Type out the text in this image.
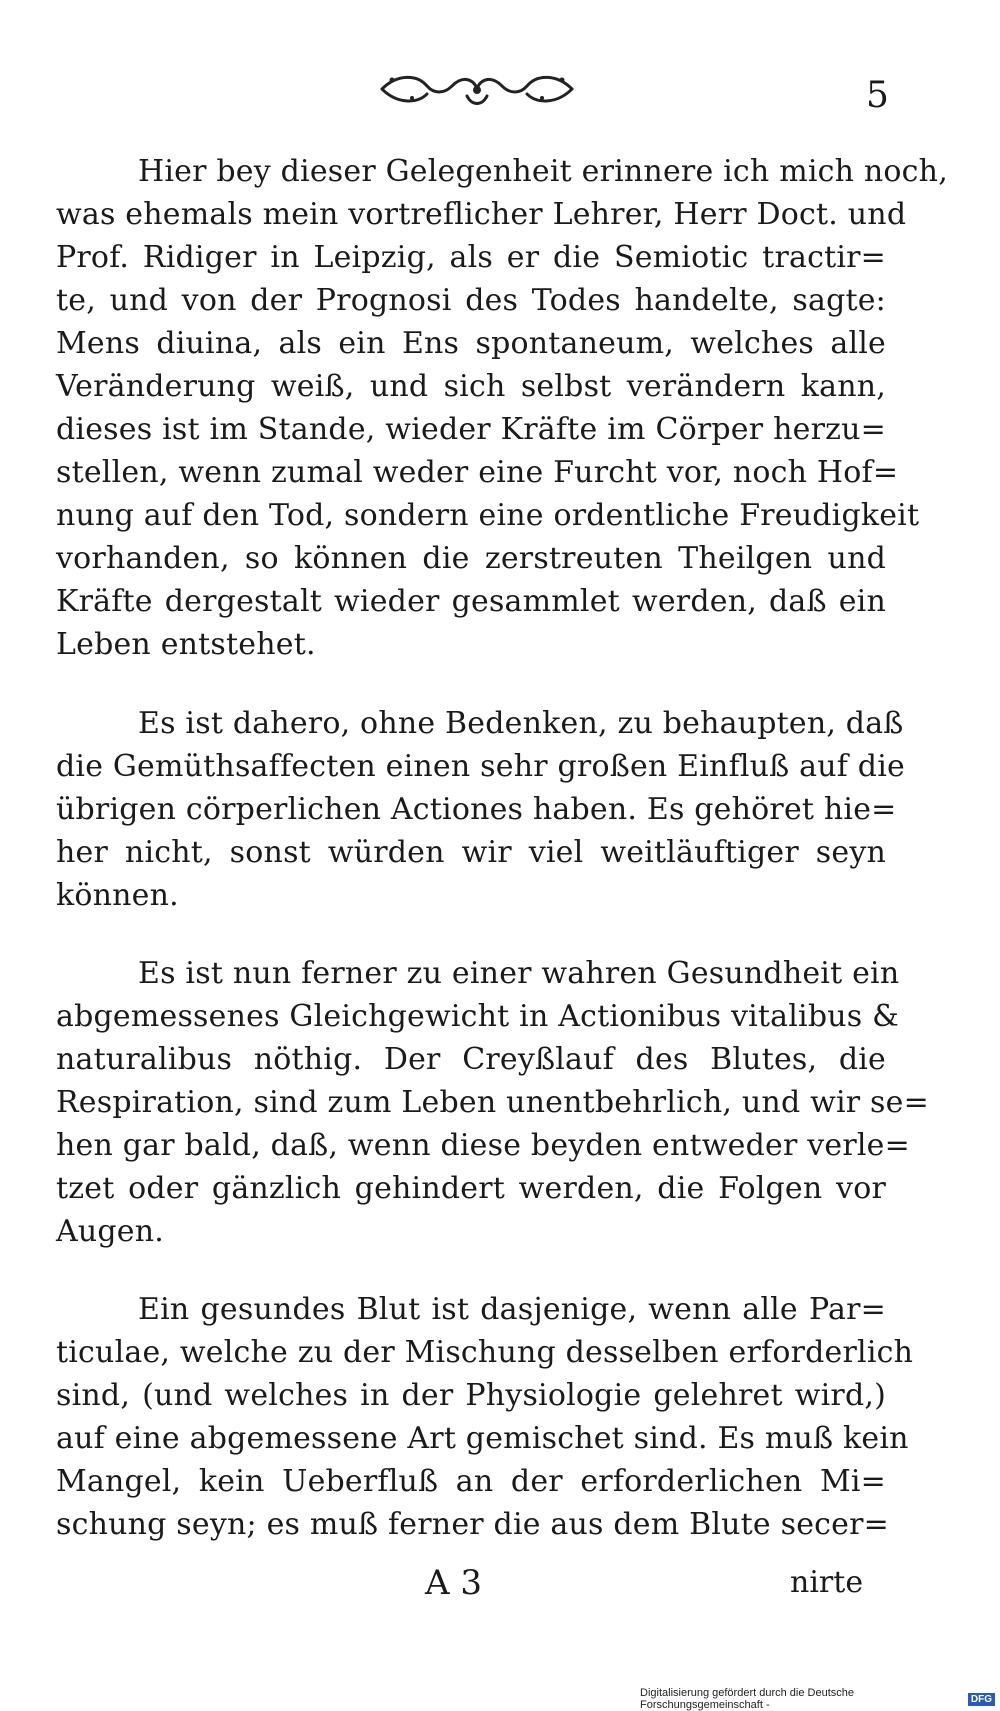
5
Hier bey dieser Gelegenheit erinnere ich mich noch,
was ehemals mein vortreflicher Lehrer, Herr Doct. und
Prof. Ridiger in Leipzig, als er die Semiotic tractir=
te, und von der Prognosi des Todes handelte, sagte:
Mens diuina, als ein Ens spontaneum, welches alle
Veränderung weiß, und sich selbst verändern kann,
dieses ist im Stande, wieder Kräfte im Cörper herzu=
stellen, wenn zumal weder eine Furcht vor, noch Hof=
nung auf den Tod, sondern eine ordentliche Freudigkeit
vorhanden, so können die zerstreuten Theilgen und
Kräfte dergestalt wieder gesammlet werden, daß ein
Leben entstehet.
Es ist dahero, ohne Bedenken, zu behaupten, daß
die Gemüthsaffecten einen sehr großen Einfluß auf die
übrigen cörperlichen Actiones haben. Es gehöret hie=
her nicht, sonst würden wir viel weitläuftiger seyn
können.
Es ist nun ferner zu einer wahren Gesundheit ein
abgemessenes Gleichgewicht in Actionibus vitalibus &
naturalibus nöthig. Der Creyßlauf des Blutes, die
Respiration, sind zum Leben unentbehrlich, und wir se=
hen gar bald, daß, wenn diese beyden entweder verle=
tzet oder gänzlich gehindert werden, die Folgen vor
Augen.
Ein gesundes Blut ist dasjenige, wenn alle Par=
ticulae, welche zu der Mischung desselben erforderlich
sind, (und welches in der Physiologie gelehret wird,)
auf eine abgemessene Art gemischet sind. Es muß kein
Mangel, kein Ueberfluß an der erforderlichen Mi=
schung seyn; es muß ferner die aus dem Blute secer=
A 3	nirte
Digitalisierung gefördert durch die Deutsche Forschungsgemeinschaft -	DFG
